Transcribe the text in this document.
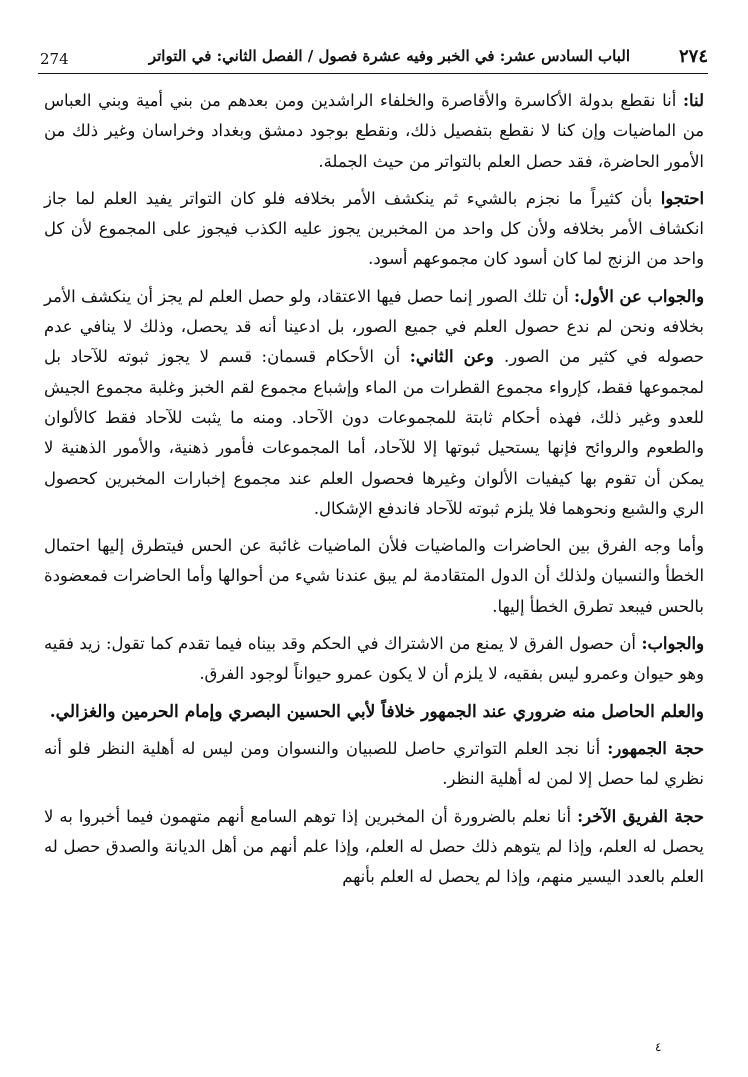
274	الباب السادس عشر: في الخبر وفيه عشرة فصول / الفصل الثاني: في التواتر	٢٧٤

لنا: أنا نقطع بدولة الأكاسرة والأقاصرة والخلفاء الراشدين ومن بعدهم من بني أمية وبني العباس من الماضيات وإن كنا لا نقطع بتفصيل ذلك، ونقطع بوجود دمشق وبغداد وخراسان وغير ذلك من الأمور الحاضرة، فقد حصل العلم بالتواتر من حيث الجملة.

احتجوا بأن كثيراً ما نجزم بالشيء ثم ينكشف الأمر بخلافه فلو كان التواتر يفيد العلم لما جاز انكشاف الأمر بخلافه ولأن كل واحد من المخبرين يجوز عليه الكذب فيجوز على المجموع لأن كل واحد من الزنج لما كان أسود كان مجموعهم أسود.

والجواب عن الأول: أن تلك الصور إنما حصل فيها الاعتقاد، ولو حصل العلم لم يجز أن ينكشف الأمر بخلافه ونحن لم ندع حصول العلم في جميع الصور، بل ادعينا أنه قد يحصل، وذلك لا ينافي عدم حصوله في كثير من الصور. وعن الثاني: أن الأحكام قسمان: قسم لا يجوز ثبوته للآحاد بل لمجموعها فقط، كإرواء مجموع القطرات من الماء وإشباع مجموع لقم الخبز وغلبة مجموع الجيش للعدو وغير ذلك، فهذه أحكام ثابتة للمجموعات دون الآحاد. ومنه ما يثبت للآحاد فقط كالألوان والطعوم والروائح فإنها يستحيل ثبوتها إلا للآحاد، أما المجموعات فأمور ذهنية، والأمور الذهنية لا يمكن أن تقوم بها كيفيات الألوان وغيرها فحصول العلم عند مجموع إخبارات المخبرين كحصول الري والشبع ونحوهما فلا يلزم ثبوته للآحاد فاندفع الإشكال.

وأما وجه الفرق بين الحاضرات والماضيات فلأن الماضيات غائبة عن الحس فيتطرق إليها احتمال الخطأ والنسيان ولذلك أن الدول المتقادمة لم يبق عندنا شيء من أحوالها وأما الحاضرات فمعضودة بالحس فيبعد تطرق الخطأ إليها.

والجواب: أن حصول الفرق لا يمنع من الاشتراك في الحكم وقد بيناه فيما تقدم كما تقول: زيد فقيه وهو حيوان وعمرو ليس بفقيه، لا يلزم أن لا يكون عمرو حيواناً لوجود الفرق.

والعلم الحاصل منه ضروري عند الجمهور خلافاً لأبي الحسين البصري وإمام الحرمين والغزالي.

حجة الجمهور: أنا نجد العلم التواتري حاصل للصبيان والنسوان ومن ليس له أهلية النظر فلو أنه نظري لما حصل إلا لمن له أهلية النظر.

حجة الفريق الآخر: أنا نعلم بالضرورة أن المخبرين إذا توهم السامع أنهم متهمون فيما أخبروا به لا يحصل له العلم، وإذا لم يتوهم ذلك حصل له العلم، وإذا علم أنهم من أهل الديانة والصدق حصل له العلم بالعدد اليسير منهم، وإذا لم يحصل له العلم بأنهم

٤
